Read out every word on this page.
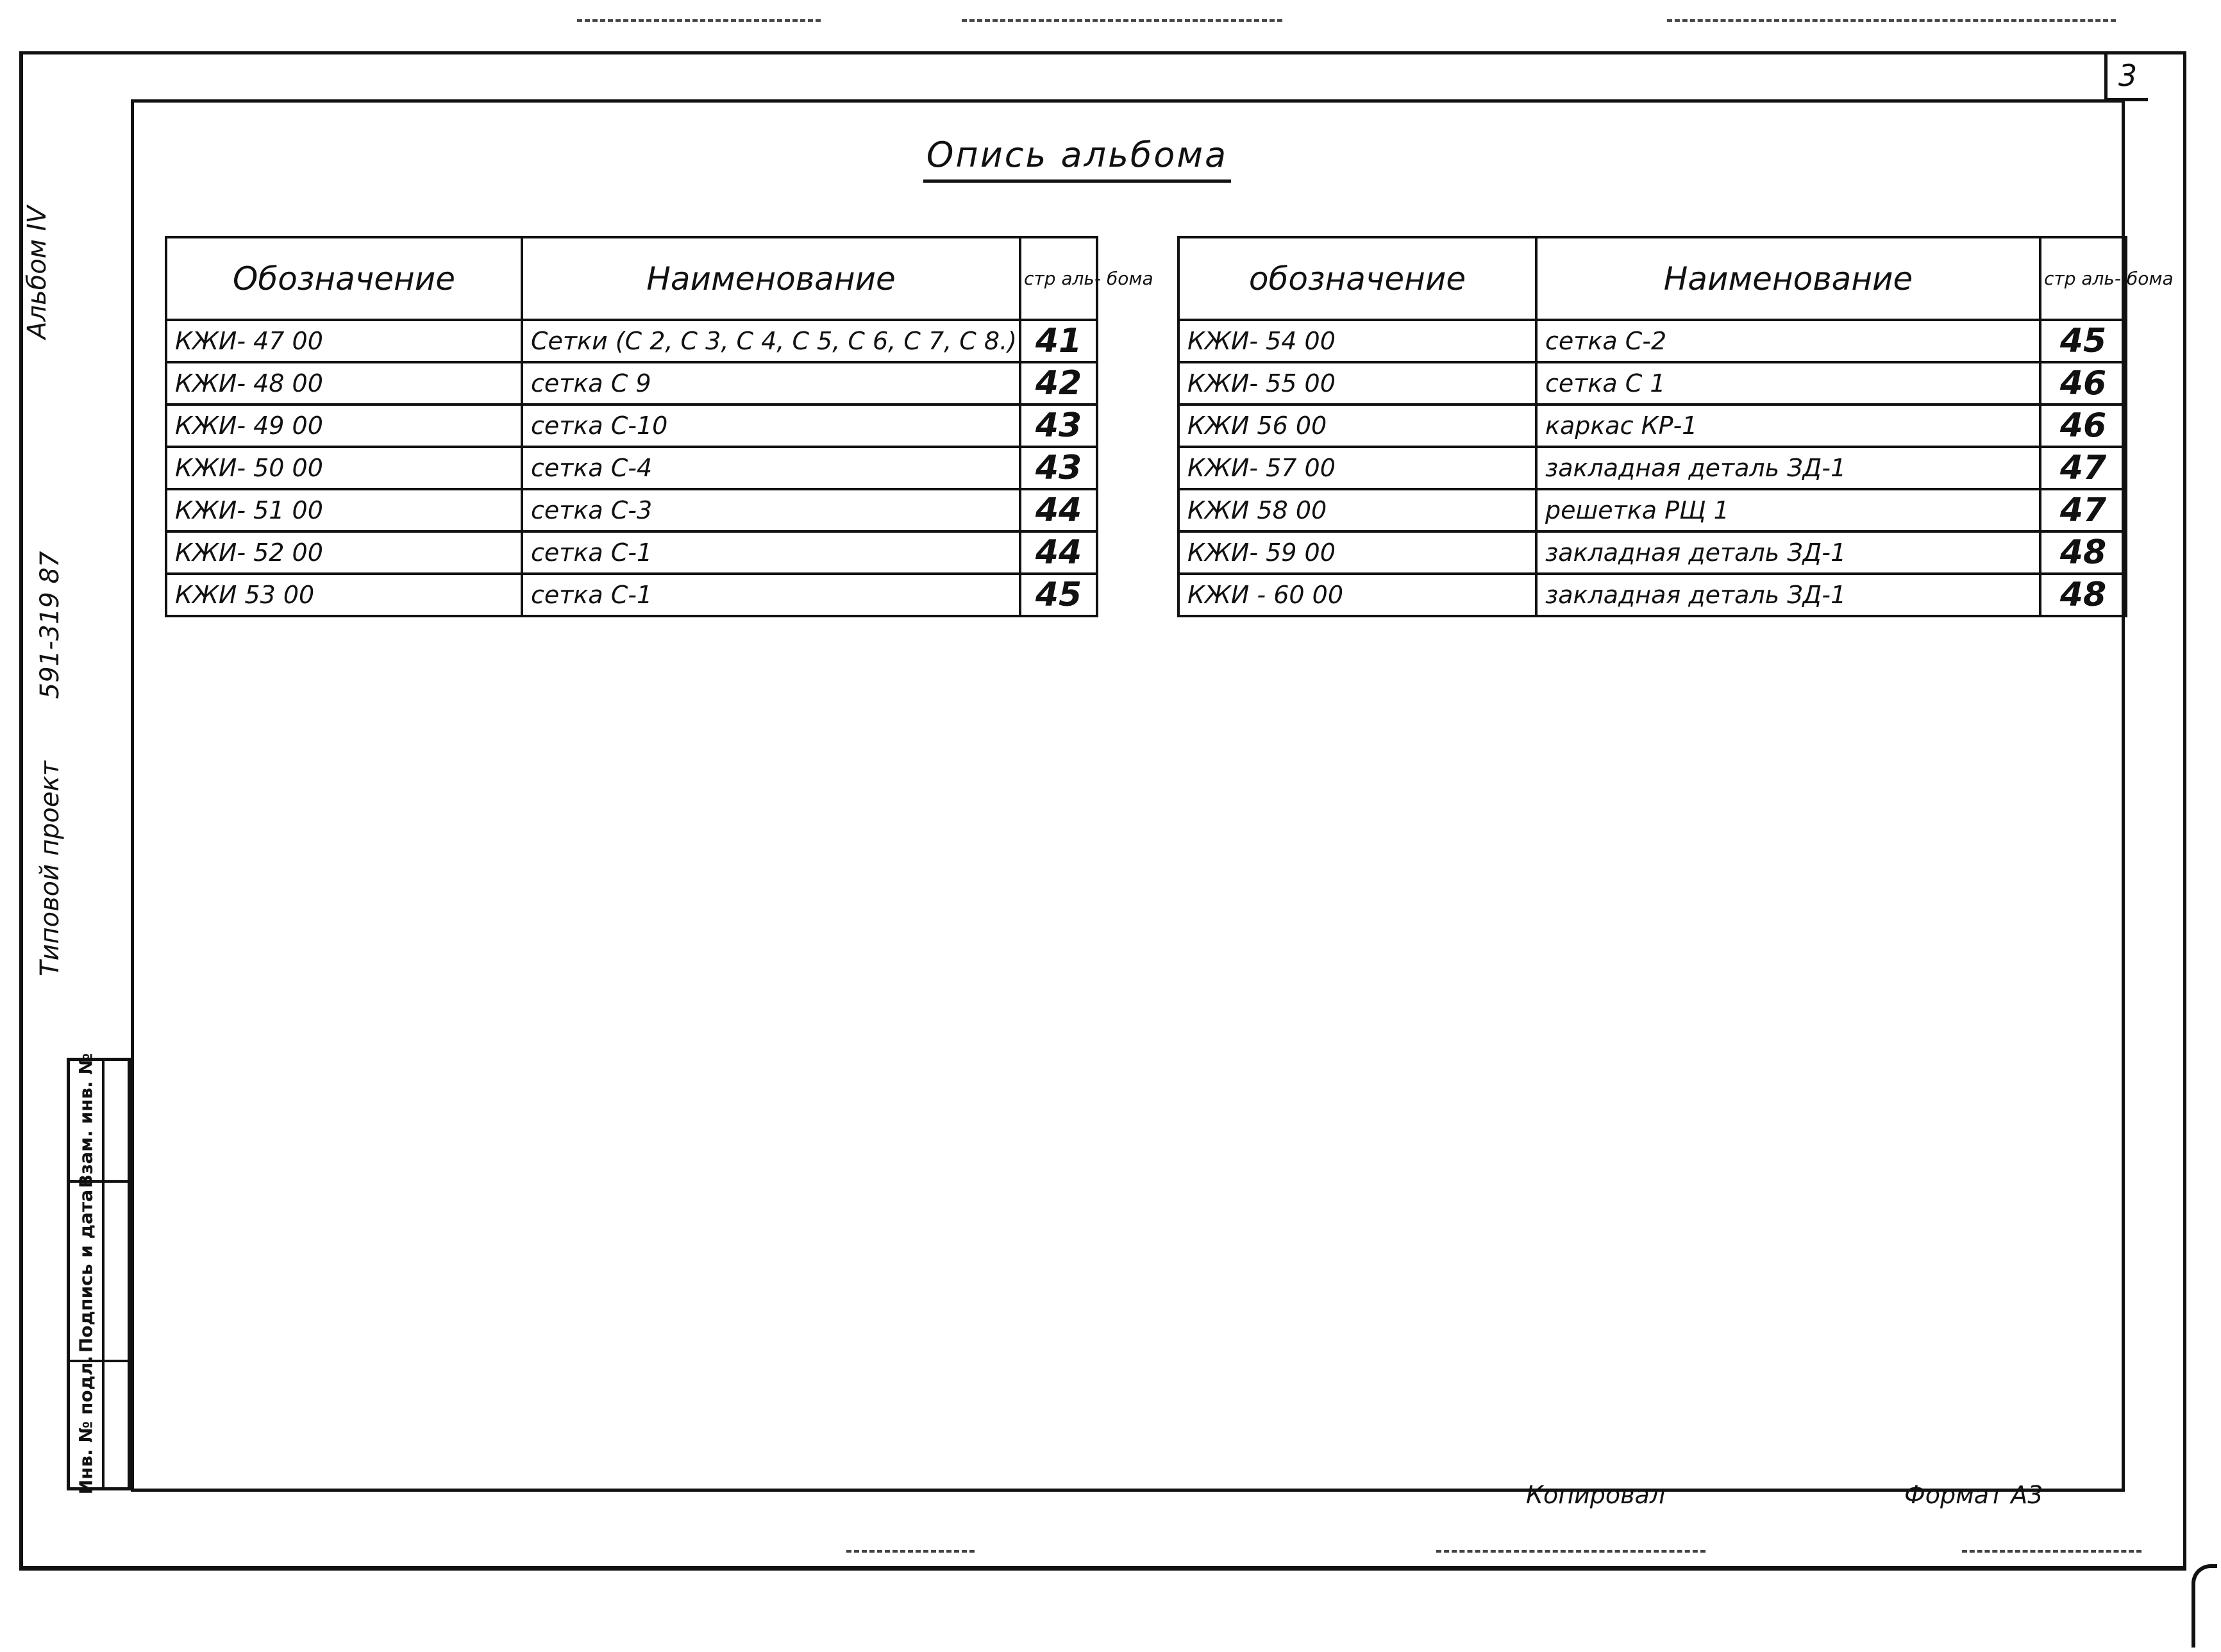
3
Альбом IV
591-319 87
Типовой проект
Взам. инв. №
Подпись и дата
Инв. № подл.
Опись альбома
Обозначение	Наименование	стр аль- бома
КЖИ- 47 00	Сетки (С 2, С 3, С 4, С 5, С 6, С 7, С 8.)	41
КЖИ- 48 00	сетка С 9	42
КЖИ- 49 00	сетка С-10	43
КЖИ- 50 00	сетка С-4	43
КЖИ- 51 00	сетка С-3	44
КЖИ- 52 00	сетка С-1	44
КЖИ 53 00	сетка С-1	45
обозначение	Наименование	стр аль- бома
КЖИ- 54 00	сетка С-2	45
КЖИ- 55 00	сетка С 1	46
КЖИ 56 00	каркас КР-1	46
КЖИ- 57 00	закладная деталь ЗД-1	47
КЖИ 58 00	решетка РЩ 1	47
КЖИ- 59 00	закладная деталь ЗД-1	48
КЖИ - 60 00	закладная деталь ЗД-1	48
Копировал	Формат А3
